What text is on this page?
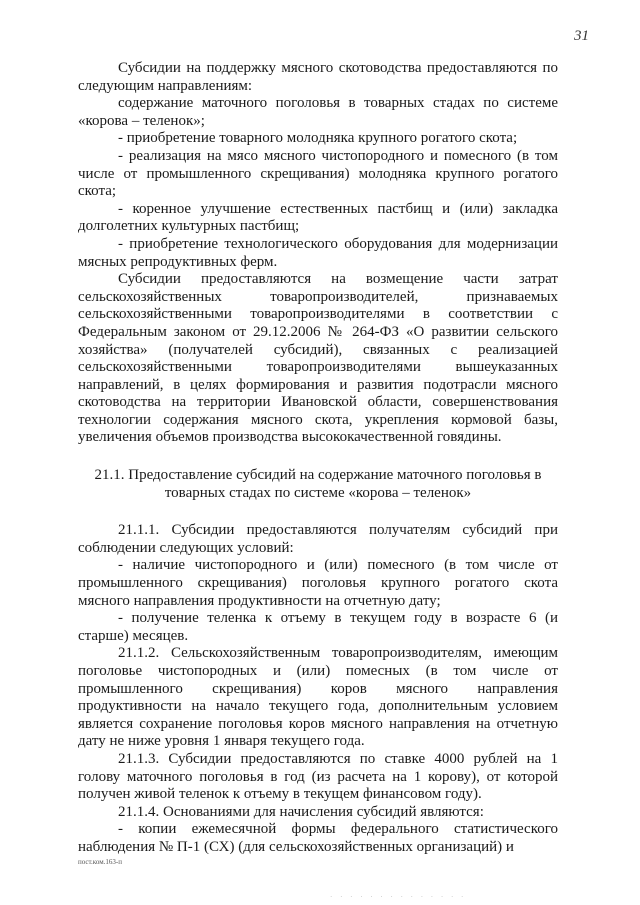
31

Субсидии на поддержку мясного скотоводства предоставляются по следующим направлениям:

содержание маточного поголовья в товарных стадах по системе «корова – теленок»;

- приобретение товарного молодняка крупного рогатого скота;

- реализация на мясо мясного чистопородного и помесного (в том числе от промышленного скрещивания) молодняка крупного рогатого скота;

- коренное улучшение естественных пастбищ и (или) закладка долголетних культурных пастбищ;

- приобретение технологического оборудования для модернизации мясных репродуктивных ферм.

Субсидии предоставляются на возмещение части затрат сельскохозяйственных товаропроизводителей, признаваемых сельскохозяйственными товаропроизводителями в соответствии с Федеральным законом от 29.12.2006 № 264-ФЗ «О развитии сельского хозяйства» (получателей субсидий), связанных с реализацией сельскохозяйственными товаропроизводителями вышеуказанных направлений, в целях формирования и развития подотрасли мясного скотоводства на территории Ивановской области, совершенствования технологии содержания мясного скота, укрепления кормовой базы, увеличения объемов производства высококачественной говядины.

21.1. Предоставление субсидий на содержание маточного поголовья в товарных стадах по системе «корова – теленок»

21.1.1. Субсидии предоставляются получателям субсидий при соблюдении следующих условий:

- наличие чистопородного и (или) помесного (в том числе от промышленного скрещивания) поголовья крупного рогатого скота мясного направления продуктивности на отчетную дату;

- получение теленка к отъему в текущем году в возрасте 6 (и старше) месяцев.

21.1.2. Сельскохозяйственным товаропроизводителям, имеющим поголовье чистопородных и (или) помесных (в том числе от промышленного скрещивания) коров мясного направления продуктивности на начало текущего года, дополнительным условием является сохранение поголовья коров мясного направления на отчетную дату не ниже уровня 1 января текущего года.

21.1.3. Субсидии предоставляются по ставке 4000 рублей на 1 голову маточного поголовья в год (из расчета на 1 корову), от которой получен живой теленок к отъему в текущем финансовом году).

21.1.4. Основаниями для начисления субсидий являются:

- копии ежемесячной формы федерального статистического наблюдения № П-1 (СХ) (для сельскохозяйственных организаций) и

пост.ком.163-п
· · · · · · · · · · · · · ·
